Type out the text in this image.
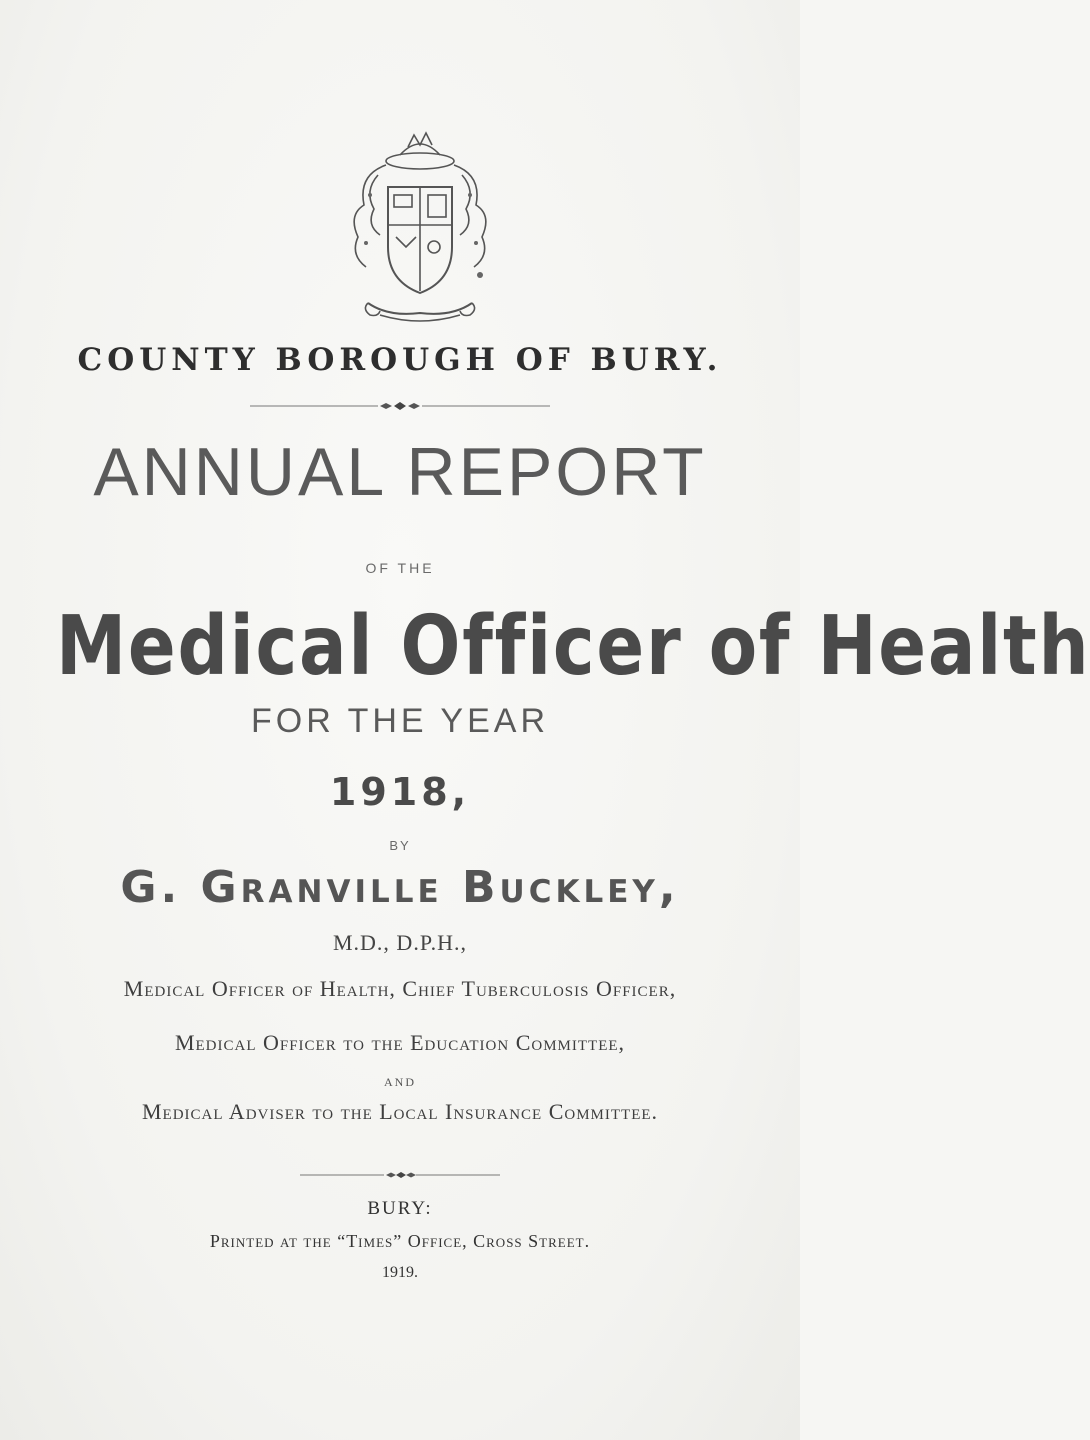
COUNTY BOROUGH OF BURY.
ANNUAL REPORT
OF THE
Medical Officer of Health
FOR THE YEAR
1918,
BY
G. Granville Buckley,
M.D., D.P.H.,
Medical Officer of Health, Chief Tuberculosis Officer,
Medical Officer to the Education Committee,
AND
Medical Adviser to the Local Insurance Committee.
BURY:
Printed at the “Times” Office, Cross Street.
1919.
